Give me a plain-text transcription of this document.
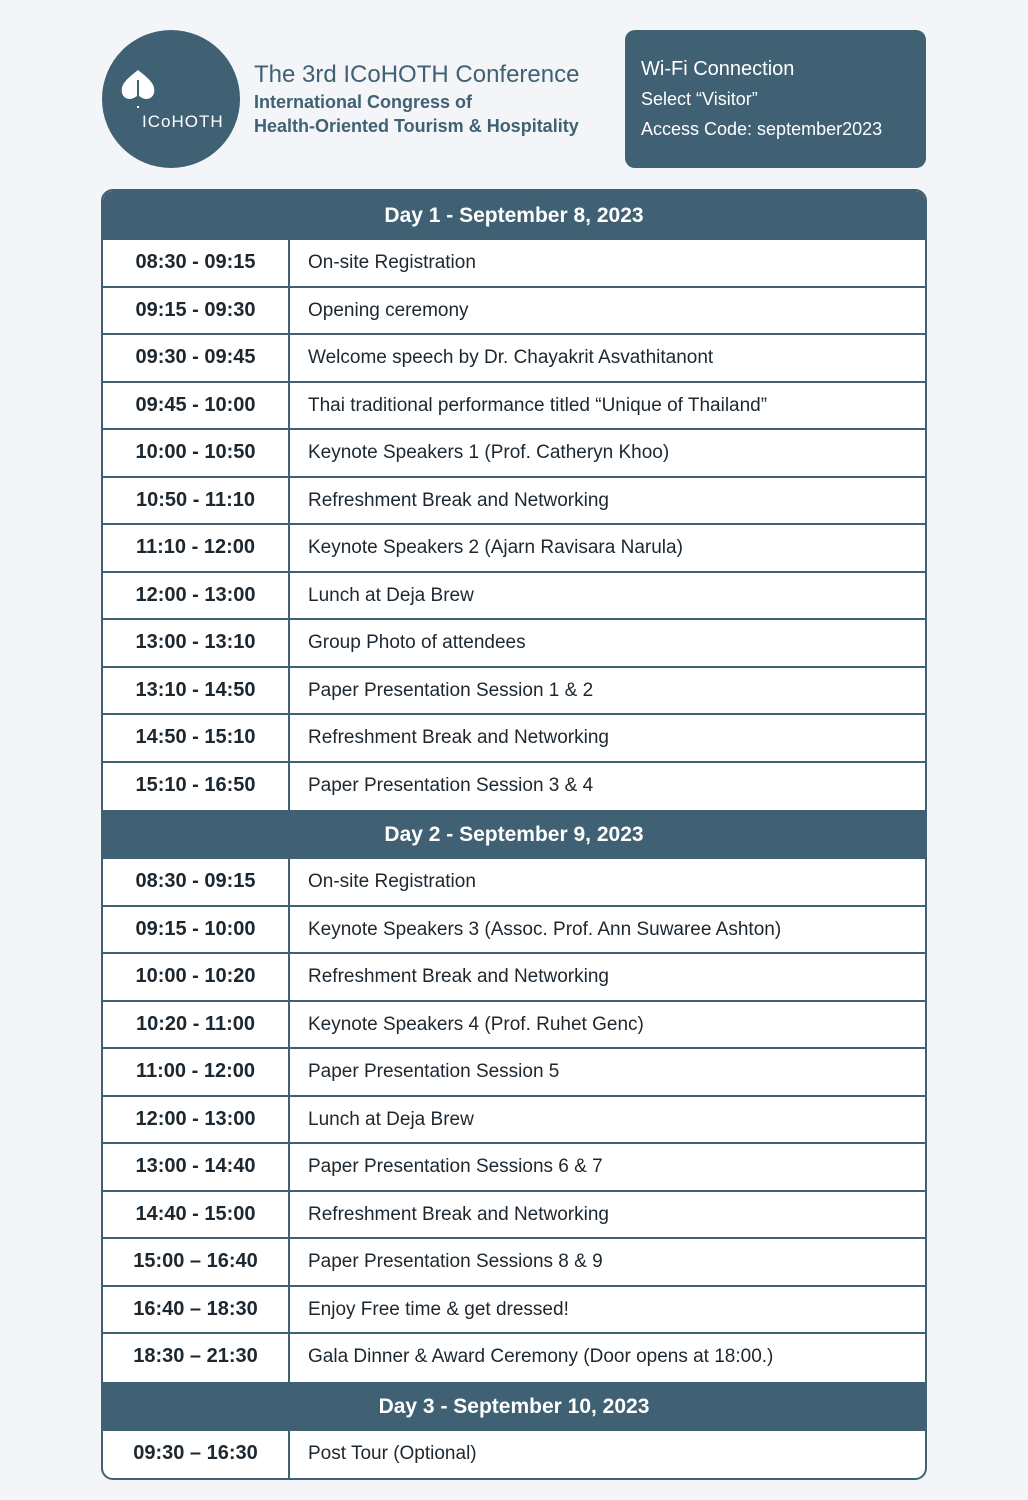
ICoHOTH
The 3rd ICoHOTH Conference
International Congress of
Health-Oriented Tourism & Hospitality
Wi-Fi Connection
Select “Visitor”
Access Code: september2023
Day 1 - September 8, 2023
08:30 - 09:15	On-site Registration
09:15 - 09:30	Opening ceremony
09:30 - 09:45	Welcome speech by Dr. Chayakrit Asvathitanont
09:45 - 10:00	Thai traditional performance titled “Unique of Thailand”
10:00 - 10:50	Keynote Speakers 1 (Prof. Catheryn Khoo)
10:50 - 11:10	Refreshment Break and Networking
11:10 - 12:00	Keynote Speakers 2 (Ajarn Ravisara Narula)
12:00 - 13:00	Lunch at Deja Brew
13:00 - 13:10	Group Photo of attendees
13:10 - 14:50	Paper Presentation Session 1 & 2
14:50 - 15:10	Refreshment Break and Networking
15:10 - 16:50	Paper Presentation Session 3 & 4
Day 2 - September 9, 2023
08:30 - 09:15	On-site Registration
09:15 - 10:00	Keynote Speakers 3 (Assoc. Prof. Ann Suwaree Ashton)
10:00 - 10:20	Refreshment Break and Networking
10:20 - 11:00	Keynote Speakers 4 (Prof. Ruhet Genc)
11:00 - 12:00	Paper Presentation Session 5
12:00 - 13:00	Lunch at Deja Brew
13:00 - 14:40	Paper Presentation Sessions 6 & 7
14:40 - 15:00	Refreshment Break and Networking
15:00 – 16:40	Paper Presentation Sessions 8 & 9
16:40 – 18:30	Enjoy Free time & get dressed!
18:30 – 21:30	Gala Dinner & Award Ceremony (Door opens at 18:00.)
Day 3 - September 10, 2023
09:30 – 16:30	Post Tour (Optional)
